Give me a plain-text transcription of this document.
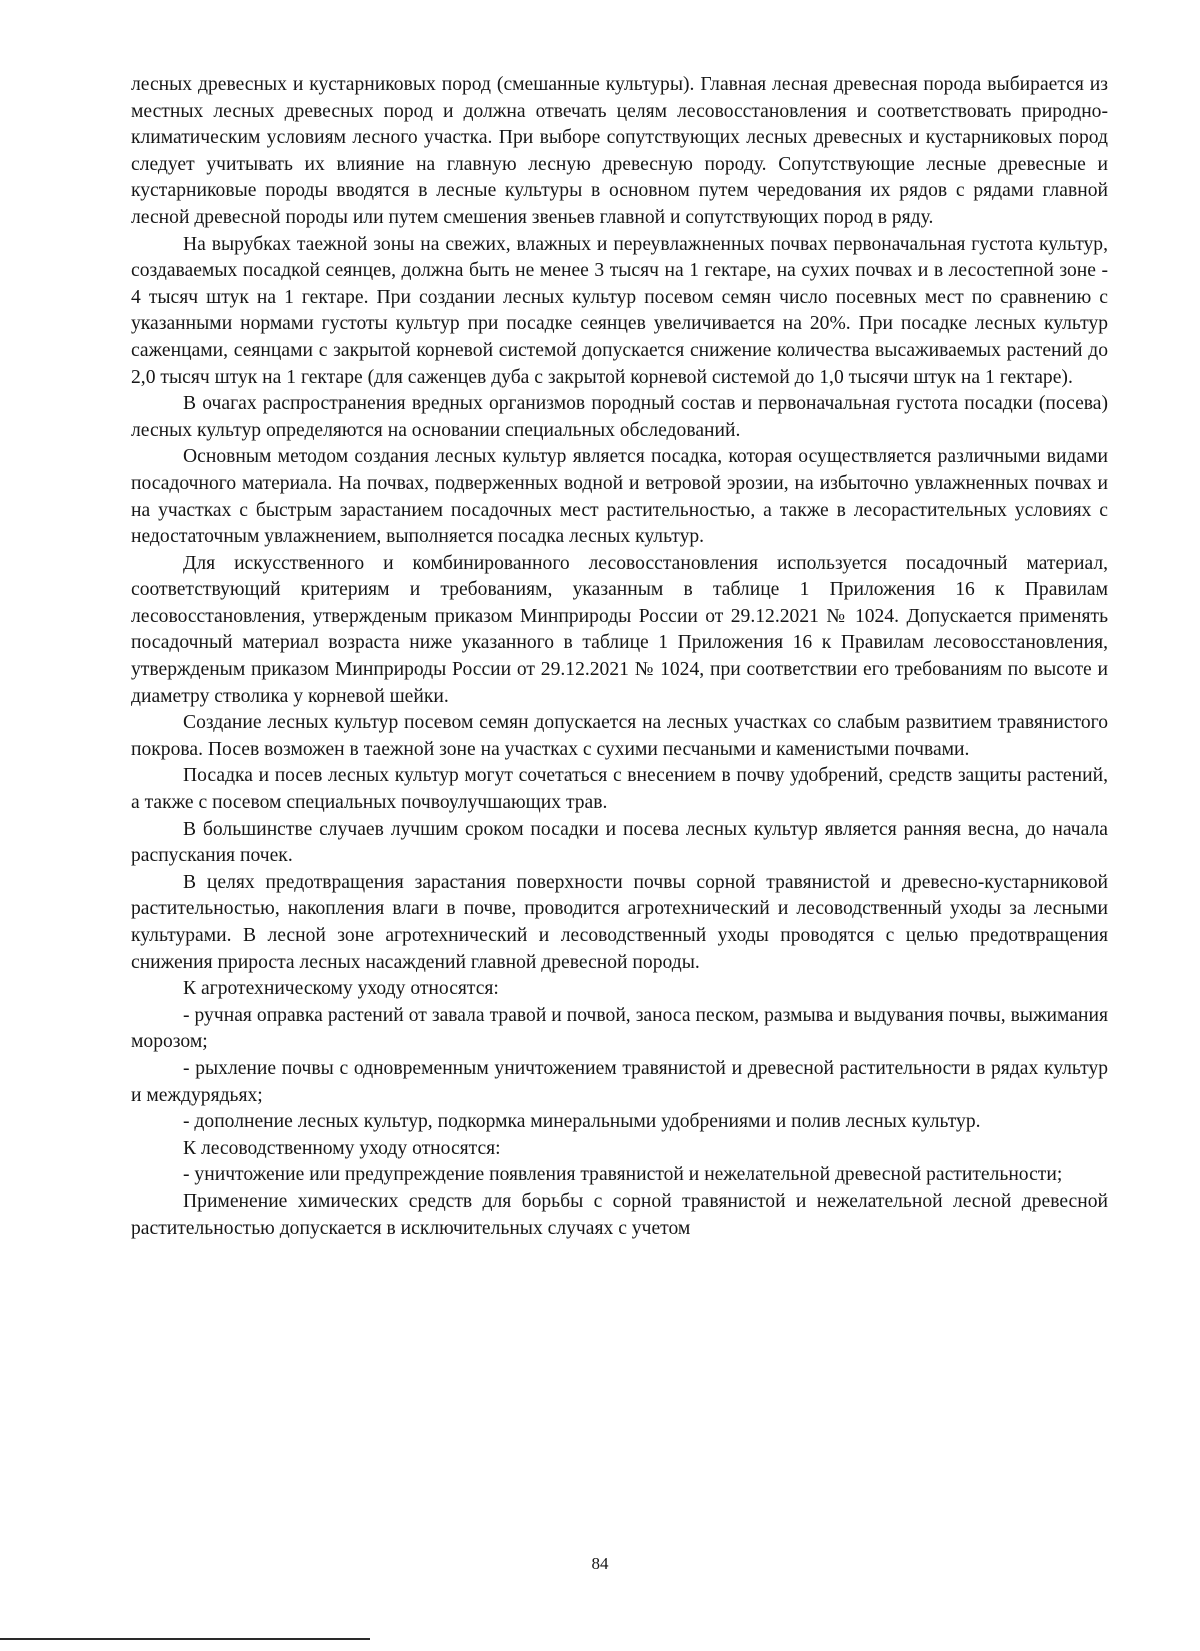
лесных древесных и кустарниковых пород (смешанные культуры). Главная лесная древесная порода выбирается из местных лесных древесных пород и должна отвечать целям лесовосстановления и соответствовать природно-климатическим условиям лесного участка. При выборе сопутствующих лесных древесных и кустарниковых пород следует учитывать их влияние на главную лесную древесную породу. Сопутствующие лесные древесные и кустарниковые породы вводятся в лесные культуры в основном путем чередования их рядов с рядами главной лесной древесной породы или путем смешения звеньев главной и сопутствующих пород в ряду.

На вырубках таежной зоны на свежих, влажных и переувлажненных почвах первоначальная густота культур, создаваемых посадкой сеянцев, должна быть не менее 3 тысяч на 1 гектаре, на сухих почвах и в лесостепной зоне - 4 тысяч штук на 1 гектаре. При создании лесных культур посевом семян число посевных мест по сравнению с указанными нормами густоты культур при посадке сеянцев увеличивается на 20%. При посадке лесных культур саженцами, сеянцами с закрытой корневой системой допускается снижение количества высаживаемых растений до 2,0 тысяч штук на 1 гектаре (для саженцев дуба с закрытой корневой системой до 1,0 тысячи штук на 1 гектаре).

В очагах распространения вредных организмов породный состав и первоначальная густота посадки (посева) лесных культур определяются на основании специальных обследований.

Основным методом создания лесных культур является посадка, которая осуществляется различными видами посадочного материала. На почвах, подверженных водной и ветровой эрозии, на избыточно увлажненных почвах и на участках с быстрым зарастанием посадочных мест растительностью, а также в лесорастительных условиях с недостаточным увлажнением, выполняется посадка лесных культур.

Для искусственного и комбинированного лесовосстановления используется посадочный материал, соответствующий критериям и требованиям, указанным в таблице 1 Приложения 16 к Правилам лесовосстановления, утвержденым приказом Минприроды России от 29.12.2021 № 1024. Допускается применять посадочный материал возраста ниже указанного в таблице 1 Приложения 16 к Правилам лесовосстановления, утвержденым приказом Минприроды России от 29.12.2021 № 1024, при соответствии его требованиям по высоте и диаметру стволика у корневой шейки.

Создание лесных культур посевом семян допускается на лесных участках со слабым развитием травянистого покрова. Посев возможен в таежной зоне на участках с сухими песчаными и каменистыми почвами.

Посадка и посев лесных культур могут сочетаться с внесением в почву удобрений, средств защиты растений, а также с посевом специальных почвоулучшающих трав.

В большинстве случаев лучшим сроком посадки и посева лесных культур является ранняя весна, до начала распускания почек.

В целях предотвращения зарастания поверхности почвы сорной травянистой и древесно-кустарниковой растительностью, накопления влаги в почве, проводится агротехнический и лесоводственный уходы за лесными культурами. В лесной зоне агротехнический и лесоводственный уходы проводятся с целью предотвращения снижения прироста лесных насаждений главной древесной породы.

К агротехническому уходу относятся:

- ручная оправка растений от завала травой и почвой, заноса песком, размыва и выдувания почвы, выжимания морозом;

- рыхление почвы с одновременным уничтожением травянистой и древесной растительности в рядах культур и междурядьях;

- дополнение лесных культур, подкормка минеральными удобрениями и полив лесных культур.

К лесоводственному уходу относятся:

- уничтожение или предупреждение появления травянистой и нежелательной древесной растительности;

Применение химических средств для борьбы с сорной травянистой и нежелательной лесной древесной растительностью допускается в исключительных случаях с учетом

84
